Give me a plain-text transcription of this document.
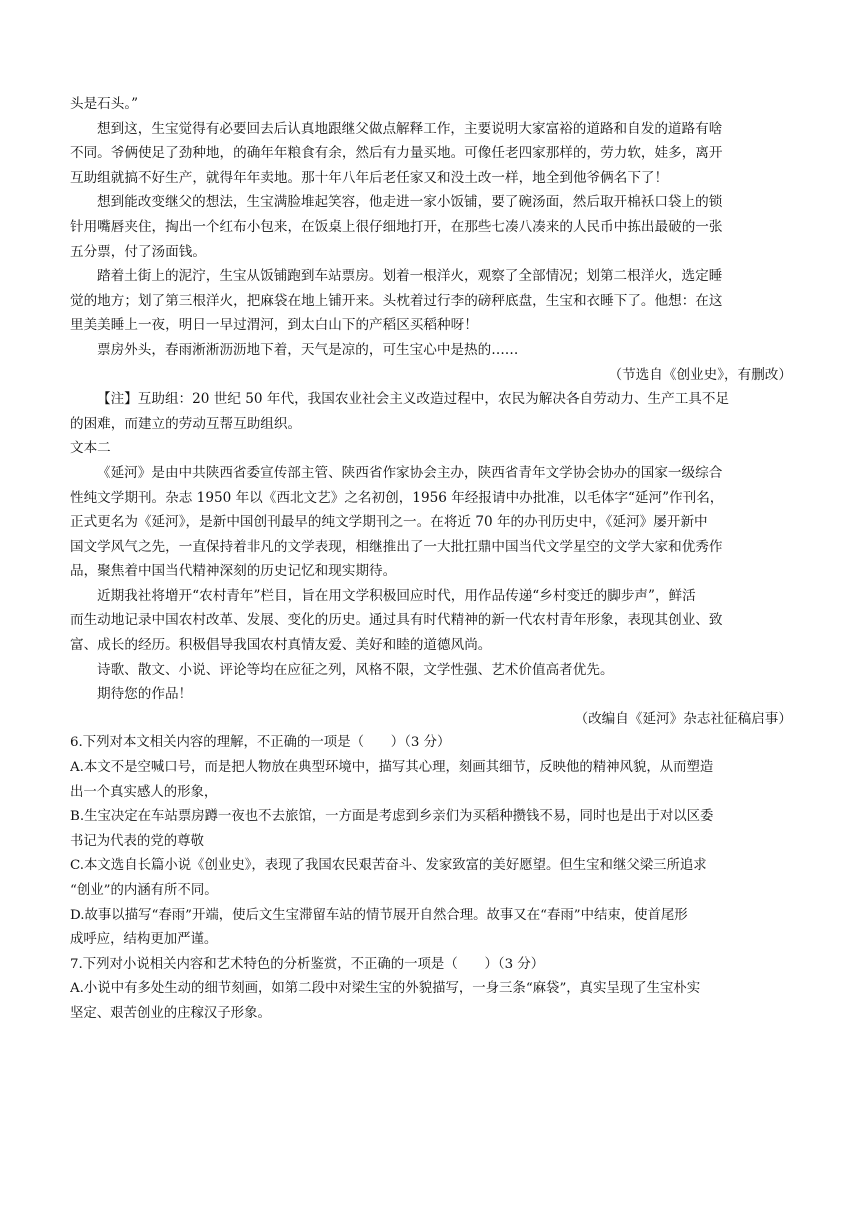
头是石头。”
想到这，生宝觉得有必要回去后认真地跟继父做点解释工作，主要说明大家富裕的道路和自发的道路有啥
不同。爷俩使足了劲种地，的确年年粮食有余，然后有力量买地。可像任老四家那样的，劳力软，娃多，离开
互助组就搞不好生产，就得年年卖地。那十年八年后老任家又和没土改一样，地全到他爷俩名下了！
想到能改变继父的想法，生宝满脸堆起笑容，他走进一家小饭铺，要了碗汤面，然后取开棉袄口袋上的锁
针用嘴唇夹住，掏出一个红布小包来，在饭桌上很仔细地打开，在那些七凑八凑来的人民币中拣出最破的一张
五分票，付了汤面钱。
踏着土街上的泥泞，生宝从饭铺跑到车站票房。划着一根洋火，观察了全部情况；划第二根洋火，选定睡
觉的地方；划了第三根洋火，把麻袋在地上铺开来。头枕着过行李的磅秤底盘，生宝和衣睡下了。他想：在这
里美美睡上一夜，明日一早过渭河，到太白山下的产稻区买稻种呀！
票房外头，春雨淅淅沥沥地下着，天气是凉的，可生宝心中是热的……
（节选自《创业史》，有删改）
【注】互助组：20 世纪 50 年代，我国农业社会主义改造过程中，农民为解决各自劳动力、生产工具不足
的困难，而建立的劳动互帮互助组织。
文本二
《延河》是由中共陕西省委宣传部主管、陕西省作家协会主办，陕西省青年文学协会协办的国家一级综合
性纯文学期刊。杂志 1950 年以《西北文艺》之名初创，1956 年经报请中办批准，以毛体字“延河”作刊名，
正式更名为《延河》，是新中国创刊最早的纯文学期刊之一。在将近 70 年的办刊历史中，《延河》屡开新中
国文学风气之先，一直保持着非凡的文学表现，相继推出了一大批扛鼎中国当代文学星空的文学大家和优秀作
品，聚焦着中国当代精神深刻的历史记忆和现实期待。
近期我社将增开“农村青年”栏目，旨在用文学积极回应时代，用作品传递“乡村变迁的脚步声”，鲜活
而生动地记录中国农村改革、发展、变化的历史。通过具有时代精神的新一代农村青年形象，表现其创业、致
富、成长的经历。积极倡导我国农村真情友爱、美好和睦的道德风尚。
诗歌、散文、小说、评论等均在应征之列，风格不限，文学性强、艺术价值高者优先。
期待您的作品！
（改编自《延河》杂志社征稿启事）
6.下列对本文相关内容的理解，不正确的一项是（　　）（3 分）
A.本文不是空喊口号，而是把人物放在典型环境中，描写其心理，刻画其细节，反映他的精神风貌，从而塑造
出一个真实感人的形象，
B.生宝决定在车站票房蹲一夜也不去旅馆，一方面是考虑到乡亲们为买稻种攒钱不易，同时也是出于对以区委
书记为代表的党的尊敬
C.本文选自长篇小说《创业史》，表现了我国农民艰苦奋斗、发家致富的美好愿望。但生宝和继父梁三所追求
“创业”的内涵有所不同。
D.故事以描写“春雨”开端，使后文生宝滞留车站的情节展开自然合理。故事又在“春雨”中结束，使首尾形
成呼应，结构更加严谨。
7.下列对小说相关内容和艺术特色的分析鉴赏，不正确的一项是（　　）（3 分）
A.小说中有多处生动的细节刻画，如第二段中对梁生宝的外貌描写，一身三条“麻袋”，真实呈现了生宝朴实
坚定、艰苦创业的庄稼汉子形象。
